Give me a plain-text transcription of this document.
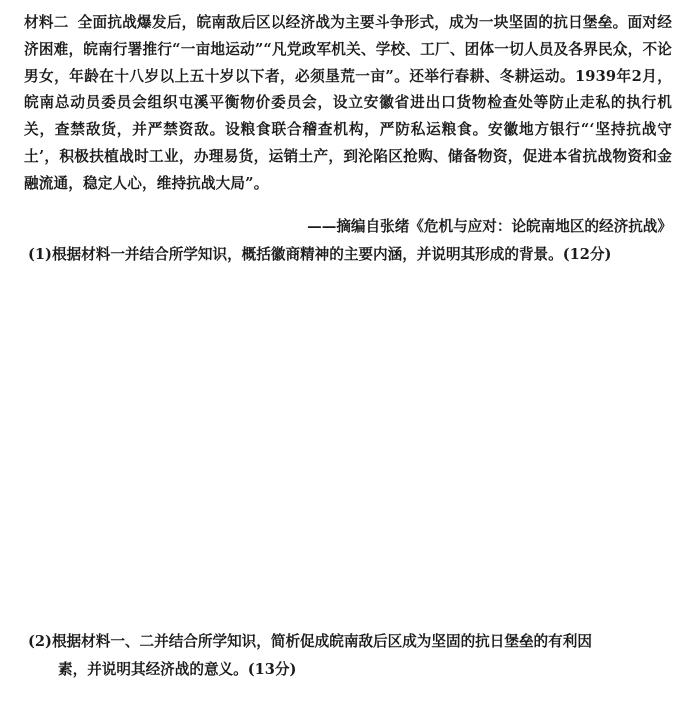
材料二 全面抗战爆发后，皖南敌后区以经济战为主要斗争形式，成为一块坚固的抗日堡垒。面对经济困难，皖南行署推行“一亩地运动”“凡党政军机关、学校、工厂、团体一切人员及各界民众，不论男女，年龄在十八岁以上五十岁以下者，必须垦荒一亩”。还举行春耕、冬耕运动。1939年2月，皖南总动员委员会组织屯溪平衡物价委员会，设立安徽省进出口货物检查处等防止走私的执行机关，查禁敌货，并严禁资敌。设粮食联合稽查机构，严防私运粮食。安徽地方银行“‘坚持抗战守土’，积极扶植战时工业，办理易货，运销土产，到沦陷区抢购、储备物资，促进本省抗战物资和金融流通，稳定人心，维持抗战大局”。

——摘编自张绪《危机与应对：论皖南地区的经济抗战》

(1)根据材料一并结合所学知识，概括徽商精神的主要内涵，并说明其形成的背景。(12分)

(2)根据材料一、二并结合所学知识，简析促成皖南敌后区成为坚固的抗日堡垒的有利因
素，并说明其经济战的意义。(13分)
